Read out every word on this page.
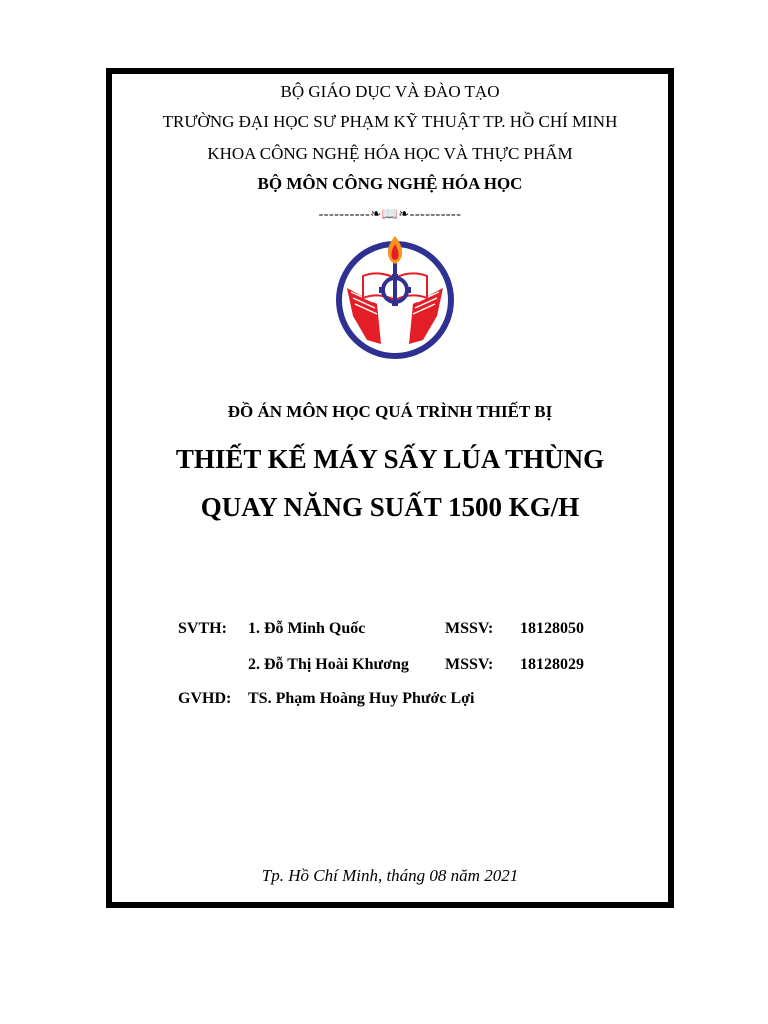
BỘ GIÁO DỤC VÀ ĐÀO TẠO
TRƯỜNG ĐẠI HỌC SƯ PHẠM KỸ THUẬT TP. HỒ CHÍ MINH
KHOA CÔNG NGHỆ HÓA HỌC VÀ THỰC PHẨM
BỘ MÔN CÔNG NGHỆ HÓA HỌC
----------❧📖❧----------
ĐỒ ÁN MÔN HỌC QUÁ TRÌNH THIẾT BỊ
THIẾT KẾ MÁY SẤY LÚA THÙNG
QUAY NĂNG SUẤT 1500 KG/H
SVTH: 1. Đỗ Minh Quốc	MSSV: 18128050
2. Đỗ Thị Hoài Khương MSSV: 18128029
GVHD: TS. Phạm Hoàng Huy Phước Lợi
Tp. Hồ Chí Minh, tháng 08 năm 2021
